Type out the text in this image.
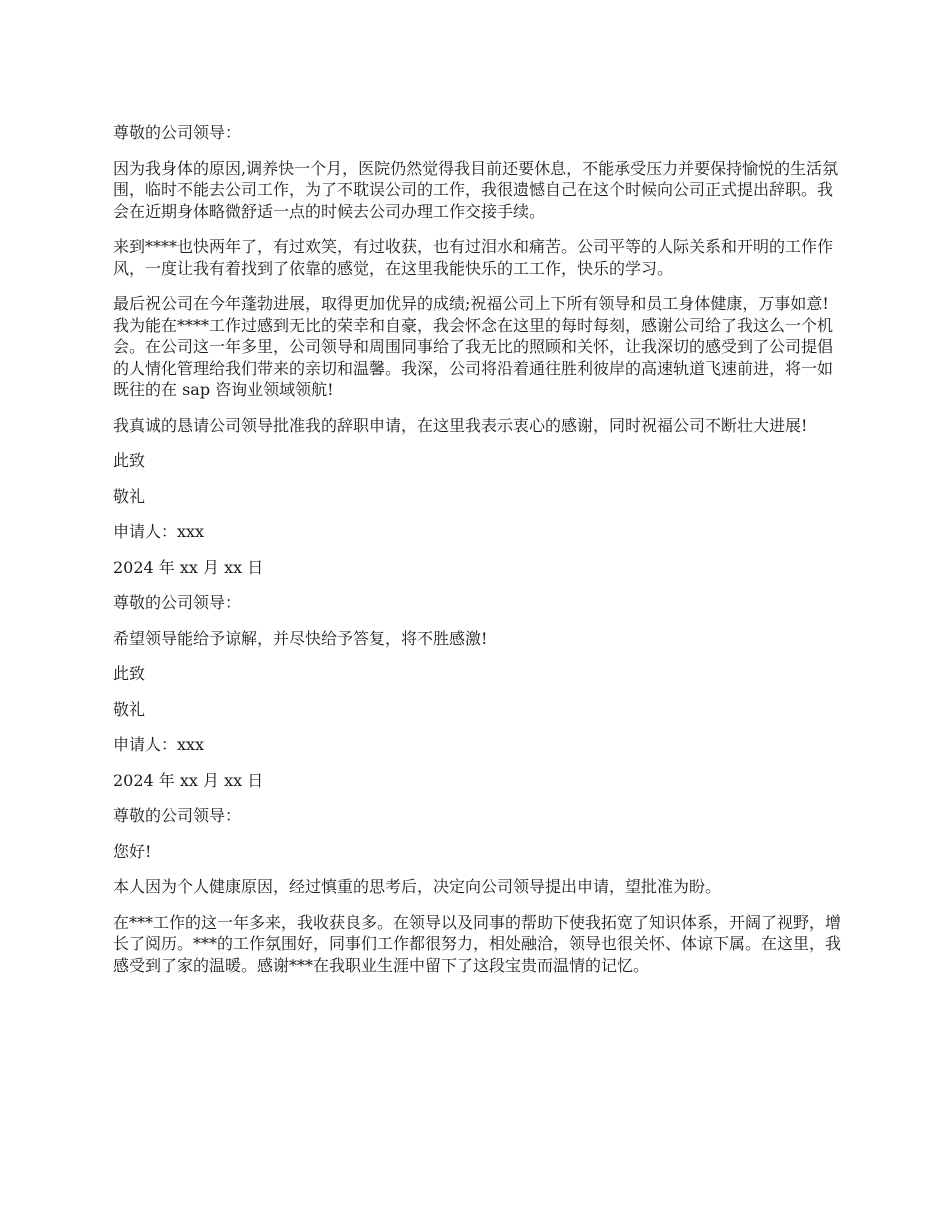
尊敬的公司领导：

因为我身体的原因,调养快一个月，医院仍然觉得我目前还要休息，不能承受压力并要保持愉悦的生活氛围，临时不能去公司工作，为了不耽误公司的工作，我很遗憾自己在这个时候向公司正式提出辞职。我会在近期身体略微舒适一点的时候去公司办理工作交接手续。

来到****也快两年了，有过欢笑，有过收获，也有过泪水和痛苦。公司平等的人际关系和开明的工作作风，一度让我有着找到了依靠的感觉，在这里我能快乐的工工作，快乐的学习。

最后祝公司在今年蓬勃进展，取得更加优异的成绩;祝福公司上下所有领导和员工身体健康，万事如意!我为能在****工作过感到无比的荣幸和自豪，我会怀念在这里的每时每刻，感谢公司给了我这么一个机会。在公司这一年多里，公司领导和周围同事给了我无比的照顾和关怀，让我深切的感受到了公司提倡的人情化管理给我们带来的亲切和温馨。我深，公司将沿着通往胜利彼岸的高速轨道飞速前进，将一如既往的在 sap 咨询业领域领航!

我真诚的恳请公司领导批准我的辞职申请，在这里我表示衷心的感谢，同时祝福公司不断壮大进展!

此致

敬礼

申请人：xxx

2024 年 xx 月 xx 日

尊敬的公司领导：

希望领导能给予谅解，并尽快给予答复，将不胜感激!

此致

敬礼

申请人：xxx

2024 年 xx 月 xx 日

尊敬的公司领导：

您好!

本人因为个人健康原因，经过慎重的思考后，决定向公司领导提出申请，望批准为盼。

在***工作的这一年多来，我收获良多。在领导以及同事的帮助下使我拓宽了知识体系，开阔了视野，增长了阅历。***的工作氛围好，同事们工作都很努力，相处融洽，领导也很关怀、体谅下属。在这里，我感受到了家的温暖。感谢***在我职业生涯中留下了这段宝贵而温情的记忆。
